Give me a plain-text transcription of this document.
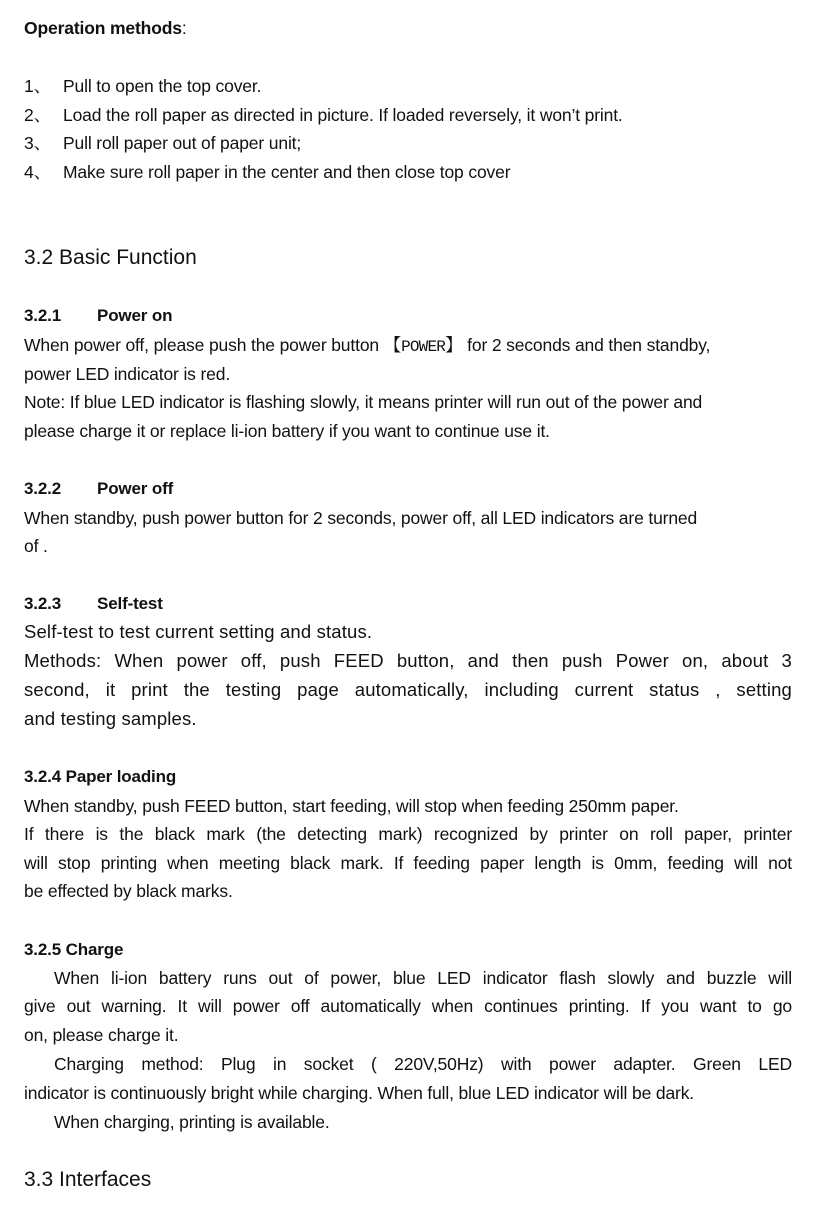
Operation methods:
1、 Pull to open the top cover.
2、 Load the roll paper as directed in picture. If loaded reversely, it won’t print.
3、 Pull roll paper out of paper unit;
4、 Make sure roll paper in the center and then close top cover
3.2 Basic Function
3.2.1 Power on
When power off, please push the power button 【POWER】 for 2 seconds and then standby,
power LED indicator is red.
Note: If blue LED indicator is flashing slowly, it means printer will run out of the power and
please charge it or replace li-ion battery if you want to continue use it.
3.2.2 Power off
When standby, push power button for 2 seconds, power off, all LED indicators are turned
of .
3.2.3 Self-test
Self-test to test current setting and status.
Methods: When power off, push FEED button, and then push Power on, about 3
second, it print the testing page automatically, including current status , setting
and testing samples.
3.2.4 Paper loading
When standby, push FEED button, start feeding, will stop when feeding 250mm paper.
If there is the black mark (the detecting mark) recognized by printer on roll paper, printer
will stop printing when meeting black mark. If feeding paper length is 0mm, feeding will not
be effected by black marks.
3.2.5 Charge
When li-ion battery runs out of power, blue LED indicator flash slowly and buzzle will
give out warning. It will power off automatically when continues printing. If you want to go
on, please charge it.
Charging method: Plug in socket ( 220V,50Hz) with power adapter. Green LED
indicator is continuously bright while charging. When full, blue LED indicator will be dark.
When charging, printing is available.
3.3 Interfaces
